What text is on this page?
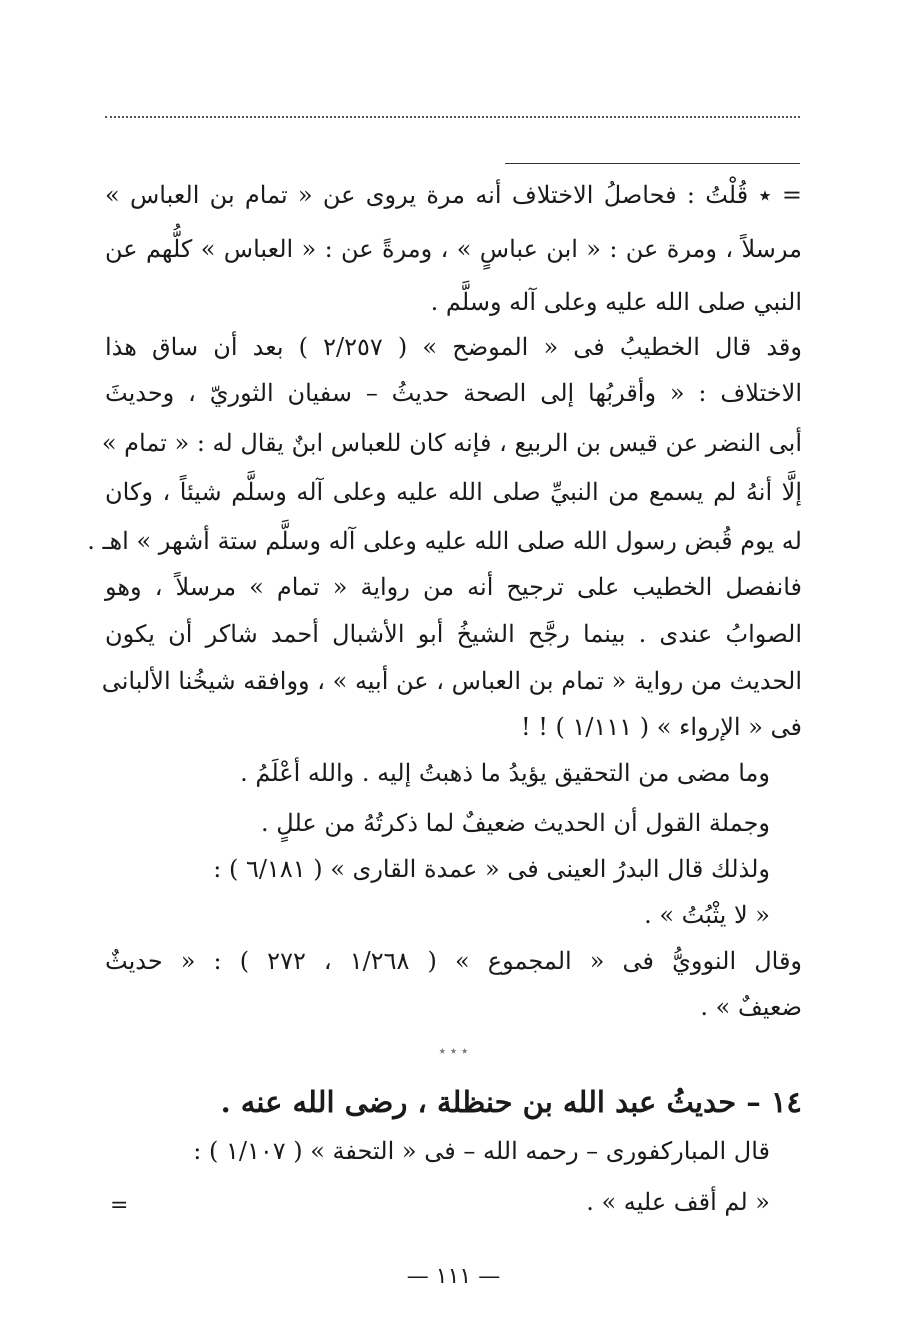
= ٭ قُلْتُ : فحاصلُ الاختلاف أنه مرة يروى عن « تمام بن العباس »
مرسلاً ، ومرة عن : « ابن عباسٍ » ، ومرةً عن : « العباس » كلُّهم عن
النبي صلى الله عليه وعلى آله وسلَّم .
وقد قال الخطيبُ فى « الموضح » ( ٢/٢٥٧ ) بعد أن ساق هذا
الاختلاف : « وأقربُها إلى الصحة حديثُ – سفيان الثوريّ ، وحديثَ
أبى النضر عن قيس بن الربيع ، فإنه كان للعباس ابنٌ يقال له : « تمام »
إلَّا أنهُ لم يسمع من النبيِّ صلى الله عليه وعلى آله وسلَّم شيئاً ، وكان
له يوم قُبض رسول الله صلى الله عليه وعلى آله وسلَّم ستة أشهر » اهـ .
فانفصل الخطيب على ترجيح أنه من رواية « تمام » مرسلاً ، وهو
الصوابُ عندى . بينما رجَّح الشيخُ أبو الأشبال أحمد شاكر أن يكون
الحديث من رواية « تمام بن العباس ، عن أبيه » ، ووافقه شيخُنا الألبانى
فى « الإرواء » ( ١/١١١ ) ! !
وما مضى من التحقيق يؤيدُ ما ذهبتُ إليه . والله أعْلَمُ .
وجملة القول أن الحديث ضعيفٌ لما ذكرتُهُ من عللٍ .
ولذلك قال البدرُ العينى فى « عمدة القارى » ( ٦/١٨١ ) :
« لا يثْبُتُ » .
وقال النوويُّ فى « المجموع » ( ١/٢٦٨ ، ٢٧٢ ) : « حديثٌ
ضعيفٌ » .
٭ ٭ ٭
١٤ – حديثُ عبد الله بن حنظلة ، رضى الله عنه .
قال المباركفورى – رحمه الله – فى « التحفة » ( ١/١٠٧ ) :
« لم أقف عليه » .
=
— ١١١ —
